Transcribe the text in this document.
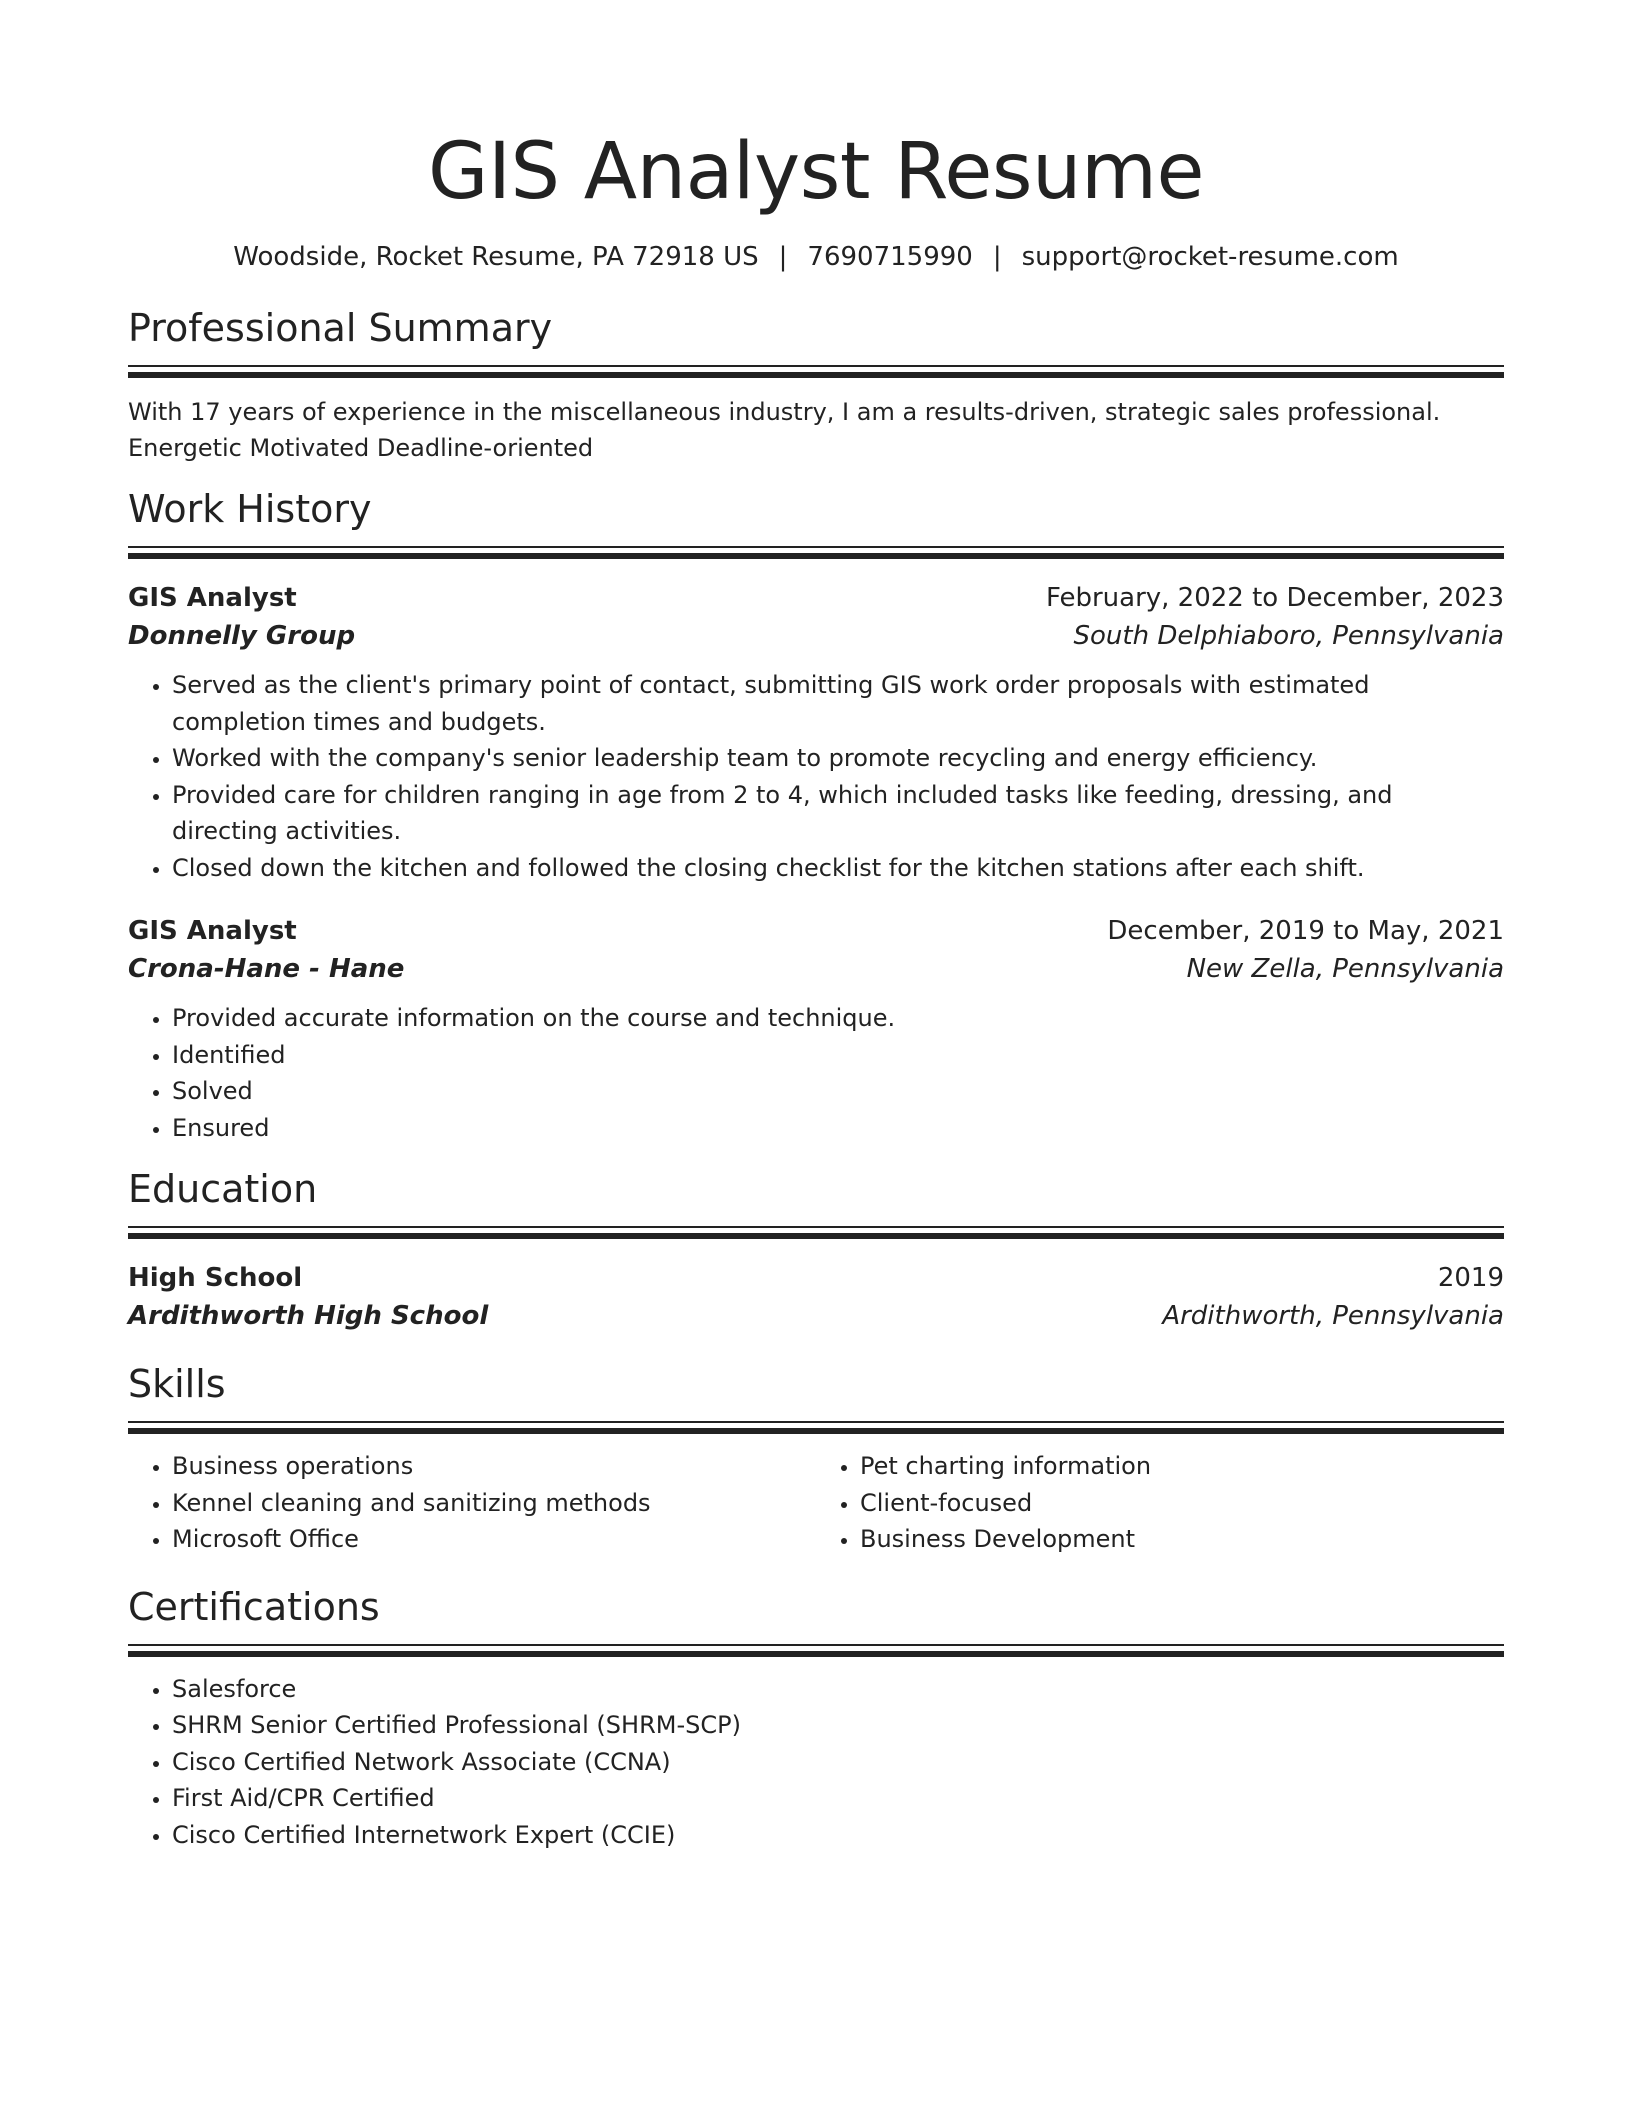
GIS Analyst Resume
Woodside, Rocket Resume, PA 72918 US | 7690715990 | support@rocket-resume.com
Professional Summary
With 17 years of experience in the miscellaneous industry, I am a results-driven, strategic sales professional. Energetic Motivated Deadline-oriented
Work History
GIS Analyst	February, 2022 to December, 2023
Donnelly Group	South Delphiaboro, Pennsylvania
• Served as the client's primary point of contact, submitting GIS work order proposals with estimated completion times and budgets.
• Worked with the company's senior leadership team to promote recycling and energy efficiency.
• Provided care for children ranging in age from 2 to 4, which included tasks like feeding, dressing, and directing activities.
• Closed down the kitchen and followed the closing checklist for the kitchen stations after each shift.
GIS Analyst	December, 2019 to May, 2021
Crona-Hane - Hane	New Zella, Pennsylvania
• Provided accurate information on the course and technique.
• Identified
• Solved
• Ensured
Education
High School	2019
Ardithworth High School	Ardithworth, Pennsylvania
Skills
• Business operations
• Kennel cleaning and sanitizing methods
• Microsoft Office
• Pet charting information
• Client-focused
• Business Development
Certifications
• Salesforce
• SHRM Senior Certified Professional (SHRM-SCP)
• Cisco Certified Network Associate (CCNA)
• First Aid/CPR Certified
• Cisco Certified Internetwork Expert (CCIE)
